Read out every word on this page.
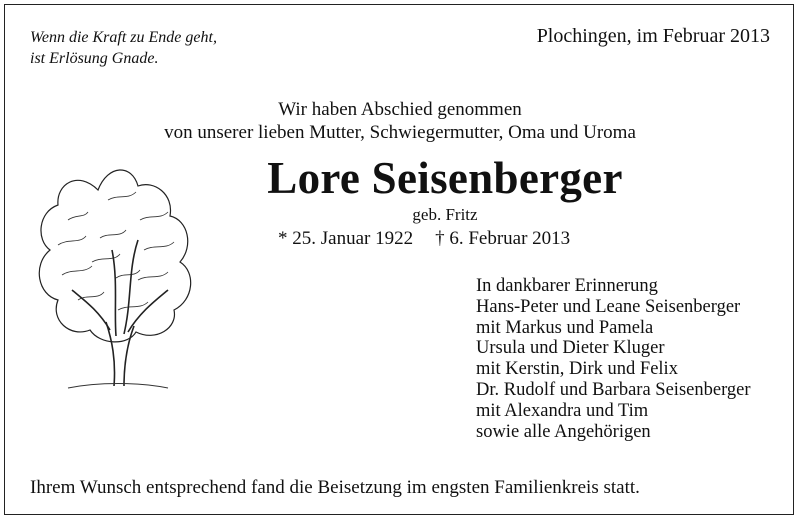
Wenn die Kraft zu Ende geht,
ist Erlösung Gnade.
Plochingen, im Februar 2013
Wir haben Abschied genommen
von unserer lieben Mutter, Schwiegermutter, Oma und Uroma
Lore Seisenberger
geb. Fritz
* 25. Januar 1922 † 6. Februar 2013
In dankbarer Erinnerung
Hans-Peter und Leane Seisenberger
mit Markus und Pamela
Ursula und Dieter Kluger
mit Kerstin, Dirk und Felix
Dr. Rudolf und Barbara Seisenberger
mit Alexandra und Tim
sowie alle Angehörigen
Ihrem Wunsch entsprechend fand die Beisetzung im engsten Familienkreis statt.
